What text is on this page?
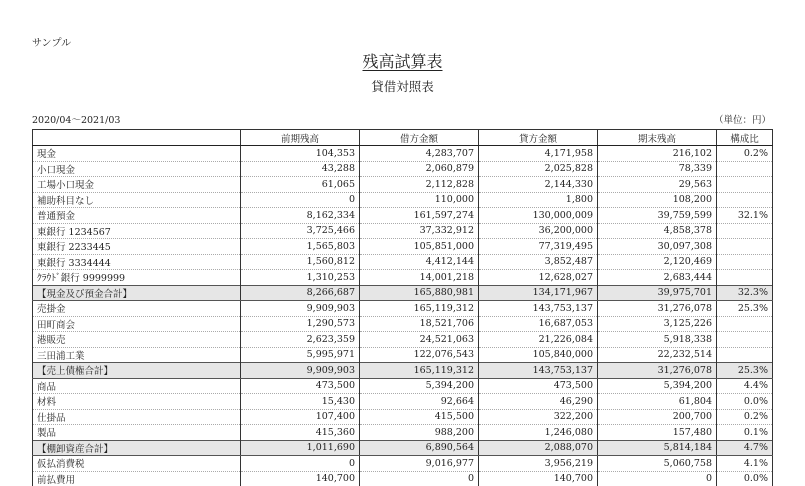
サンプル
残高試算表
貸借対照表
2020/04～2021/03	（単位：円）
	前期残高	借方金額	貸方金額	期末残高	構成比
現金	104,353	4,283,707	4,171,958	216,102	0.2%
小口現金	43,288	2,060,879	2,025,828	78,339	
工場小口現金	61,065	2,112,828	2,144,330	29,563	
補助科目なし	0	110,000	1,800	108,200	
普通預金	8,162,334	161,597,274	130,000,009	39,759,599	32.1%
東銀行 1234567	3,725,466	37,332,912	36,200,000	4,858,378	
東銀行 2233445	1,565,803	105,851,000	77,319,495	30,097,308	
東銀行 3334444	1,560,812	4,412,144	3,852,487	2,120,469	
ｸﾗｳﾄﾞ銀行 9999999	1,310,253	14,001,218	12,628,027	2,683,444	
【現金及び預金合計】	8,266,687	165,880,981	134,171,967	39,975,701	32.3%
売掛金	9,909,903	165,119,312	143,753,137	31,276,078	25.3%
田町商会	1,290,573	18,521,706	16,687,053	3,125,226	
港販売	2,623,359	24,521,063	21,226,084	5,918,338	
三田浦工業	5,995,971	122,076,543	105,840,000	22,232,514	
【売上債権合計】	9,909,903	165,119,312	143,753,137	31,276,078	25.3%
商品	473,500	5,394,200	473,500	5,394,200	4.4%
材料	15,430	92,664	46,290	61,804	0.0%
仕掛品	107,400	415,500	322,200	200,700	0.2%
製品	415,360	988,200	1,246,080	157,480	0.1%
【棚卸資産合計】	1,011,690	6,890,564	2,088,070	5,814,184	4.7%
仮払消費税	0	9,016,977	3,956,219	5,060,758	4.1%
前払費用	140,700	0	140,700	0	0.0%
